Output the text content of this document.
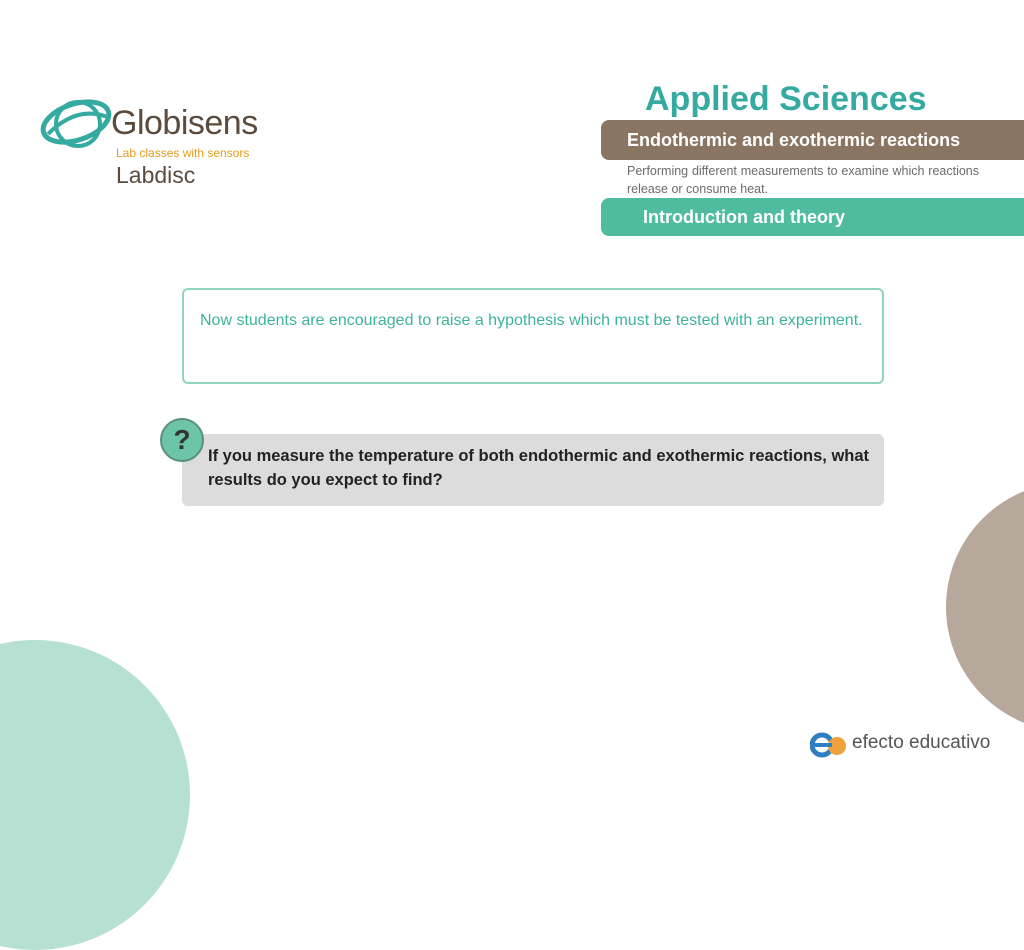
Globisens
Lab classes with sensors
Labdisc
Applied Sciences
Endothermic and exothermic reactions
Performing different measurements to examine which reactions release or consume heat.
Introduction and theory
Now students are encouraged to raise a hypothesis which must be tested with an experiment.
If you measure the temperature of both endothermic and exothermic reactions, what results do you expect to find?
?
efecto educativo
